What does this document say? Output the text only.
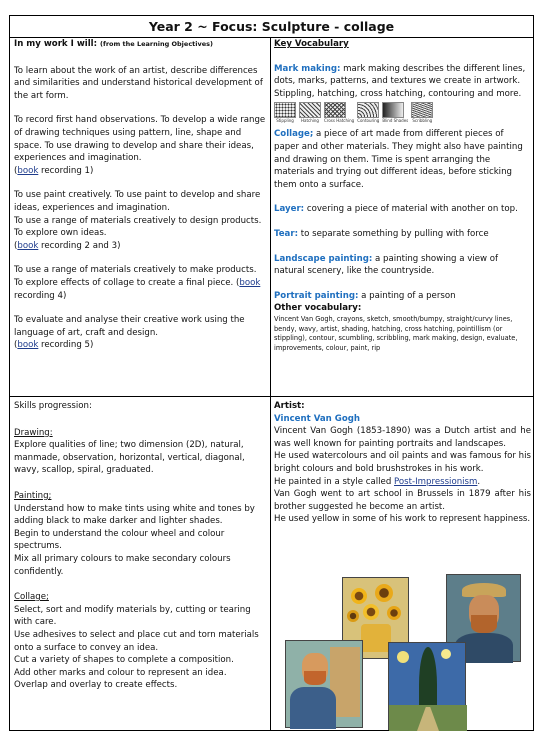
Year 2 ~ Focus: Sculpture - collage

In my work I will: (from the Learning Objectives)

To learn about the work of an artist, describe differences and similarities and understand historical development of the art form.

To record first hand observations. To develop a wide range of drawing techniques using pattern, line, shape and space. To use drawing to develop and share their ideas, experiences and imagination.

(book recording 1)

To use paint creatively. To use paint to develop and share ideas, experiences and imagination.

To use a range of materials creatively to design products. To explore own ideas.

(book recording 2 and 3)

To use a range of materials creatively to make products. To explore effects of collage to create a final piece. (book recording 4)

To evaluate and analyse their creative work using the language of art, craft and design.

(book recording 5)

Key Vocabulary

Mark making: mark making describes the different lines, dots, marks, patterns, and textures we create in artwork. Stippling, hatching, cross hatching, contouring and more.

Stippling	Hatching	Cross Hatching Contouring Blind Shades Scribbling

Collage; a piece of art made from different pieces of paper and other materials. They might also have painting and drawing on them. Time is spent arranging the materials and trying out different ideas, before sticking them onto a surface.

Layer: covering a piece of material with another on top.

Tear: to separate something by pulling with force

Landscape painting: a painting showing a view of natural scenery, like the countryside.

Portrait painting: a painting of a person

Other vocabulary:

Vincent Van Gogh, crayons, sketch, smooth/bumpy, straight/curvy lines, bendy, wavy, artist, shading, hatching, cross hatching, pointillism (or stippling), contour, scumbling, scribbling, mark making, design, evaluate, improvements, colour, paint, rip

Skills progression:

Drawing:

Explore qualities of line; two dimension (2D), natural, manmade, observation, horizontal, vertical, diagonal, wavy, scallop, spiral, graduated.

Painting;

Understand how to make tints using white and tones by adding black to make darker and lighter shades.

Begin to understand the colour wheel and colour spectrums.

Mix all primary colours to make secondary colours confidently.

Collage;

Select, sort and modify materials by, cutting or tearing with care.

Use adhesives to select and place cut and torn materials onto a surface to convey an idea.

Cut a variety of shapes to complete a composition.

Add other marks and colour to represent an idea.

Overlap and overlay to create effects.

Artist:

Vincent Van Gogh

Vincent Van Gogh (1853-1890) was a Dutch artist and he was well known for painting portraits and landscapes.

He used watercolours and oil paints and was famous for his bright colours and bold brushstrokes in his work.

He painted in a style called Post-Impressionism.

Van Gogh went to art school in Brussels in 1879 after his brother suggested he become an artist.

He used yellow in some of his work to represent happiness.
